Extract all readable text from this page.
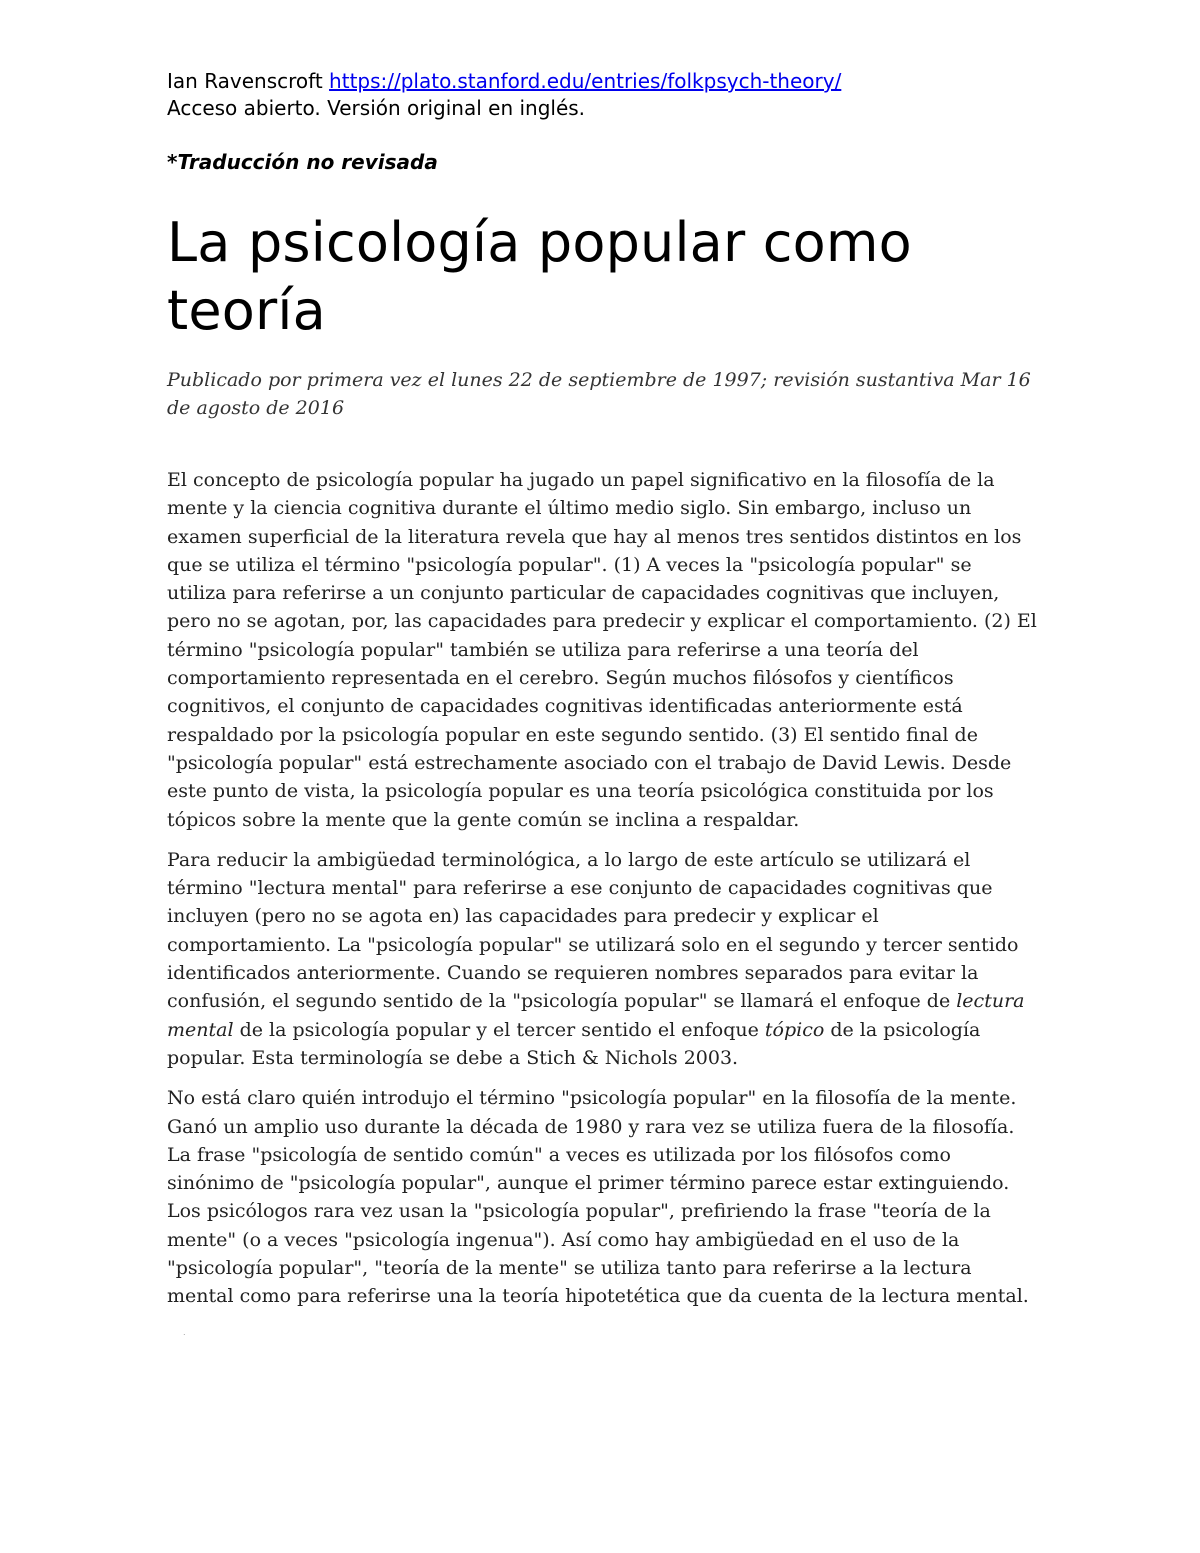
Ian Ravenscroft https://plato.stanford.edu/entries/folkpsych-theory/

Acceso abierto. Versión original en inglés.

*Traducción no revisada

La psicología popular como teoría

Publicado por primera vez el lunes 22 de septiembre de 1997; revisión sustantiva Mar 16 de agosto de 2016

El concepto de psicología popular ha jugado un papel significativo en la filosofía de la mente y la ciencia cognitiva durante el último medio siglo. Sin embargo, incluso un examen superficial de la literatura revela que hay al menos tres sentidos distintos en los que se utiliza el término "psicología popular". (1) A veces la "psicología popular" se utiliza para referirse a un conjunto particular de capacidades cognitivas que incluyen, pero no se agotan, por, las capacidades para predecir y explicar el comportamiento. (2) El término "psicología popular" también se utiliza para referirse a una teoría del comportamiento representada en el cerebro. Según muchos filósofos y científicos cognitivos, el conjunto de capacidades cognitivas identificadas anteriormente está respaldado por la psicología popular en este segundo sentido. (3) El sentido final de "psicología popular" está estrechamente asociado con el trabajo de David Lewis. Desde este punto de vista, la psicología popular es una teoría psicológica constituida por los tópicos sobre la mente que la gente común se inclina a respaldar.

Para reducir la ambigüedad terminológica, a lo largo de este artículo se utilizará el término "lectura mental" para referirse a ese conjunto de capacidades cognitivas que incluyen (pero no se agota en) las capacidades para predecir y explicar el comportamiento. La "psicología popular" se utilizará solo en el segundo y tercer sentido identificados anteriormente. Cuando se requieren nombres separados para evitar la confusión, el segundo sentido de la "psicología popular" se llamará el enfoque de lectura mental de la psicología popular y el tercer sentido el enfoque tópico de la psicología popular. Esta terminología se debe a Stich & Nichols 2003.

No está claro quién introdujo el término "psicología popular" en la filosofía de la mente. Ganó un amplio uso durante la década de 1980 y rara vez se utiliza fuera de la filosofía. La frase "psicología de sentido común" a veces es utilizada por los filósofos como sinónimo de "psicología popular", aunque el primer término parece estar extinguiendo. Los psicólogos rara vez usan la "psicología popular", prefiriendo la frase "teoría de la mente" (o a veces "psicología ingenua"). Así como hay ambigüedad en el uso de la "psicología popular", "teoría de la mente" se utiliza tanto para referirse a la lectura mental como para referirse una la teoría hipotetética que da cuenta de la lectura mental.

.
